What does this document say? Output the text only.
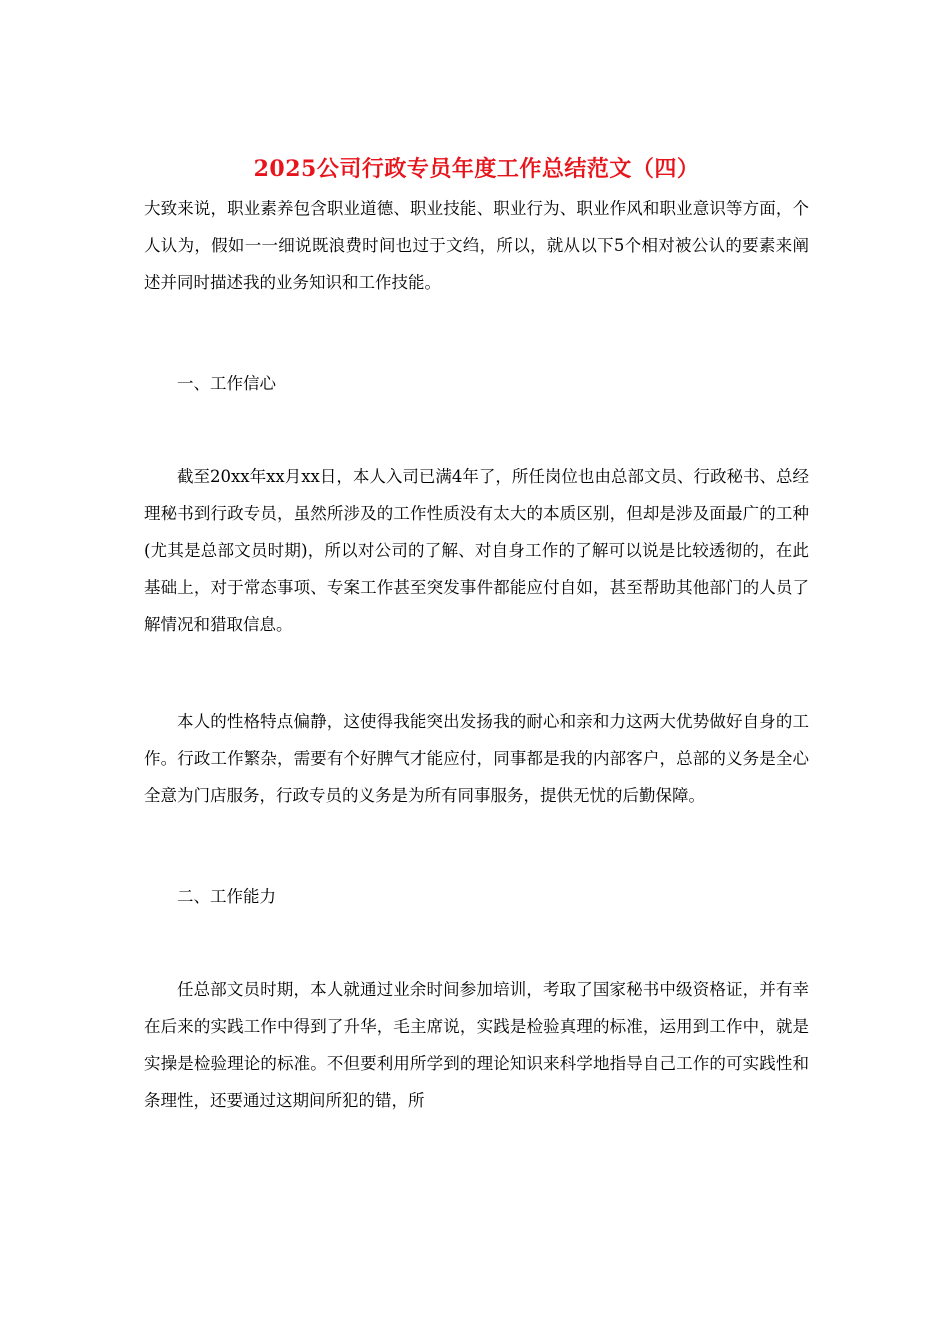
2025公司行政专员年度工作总结范文（四）

大致来说，职业素养包含职业道德、职业技能、职业行为、职业作风和职业意识等方面，个人认为，假如一一细说既浪费时间也过于文绉，所以，就从以下5个相对被公认的要素来阐述并同时描述我的业务知识和工作技能。

一、工作信心

截至20xx年xx月xx日，本人入司已满4年了，所任岗位也由总部文员、行政秘书、总经理秘书到行政专员，虽然所涉及的工作性质没有太大的本质区别，但却是涉及面最广的工种(尤其是总部文员时期)，所以对公司的了解、对自身工作的了解可以说是比较透彻的，在此基础上，对于常态事项、专案工作甚至突发事件都能应付自如，甚至帮助其他部门的人员了解情况和猎取信息。

本人的性格特点偏静，这使得我能突出发扬我的耐心和亲和力这两大优势做好自身的工作。行政工作繁杂，需要有个好脾气才能应付，同事都是我的内部客户，总部的义务是全心全意为门店服务，行政专员的义务是为所有同事服务，提供无忧的后勤保障。

二、工作能力

任总部文员时期，本人就通过业余时间参加培训，考取了国家秘书中级资格证，并有幸在后来的实践工作中得到了升华，毛主席说，实践是检验真理的标准，运用到工作中，就是实操是检验理论的标准。不但要利用所学到的理论知识来科学地指导自己工作的可实践性和条理性，还要通过这期间所犯的错，所
